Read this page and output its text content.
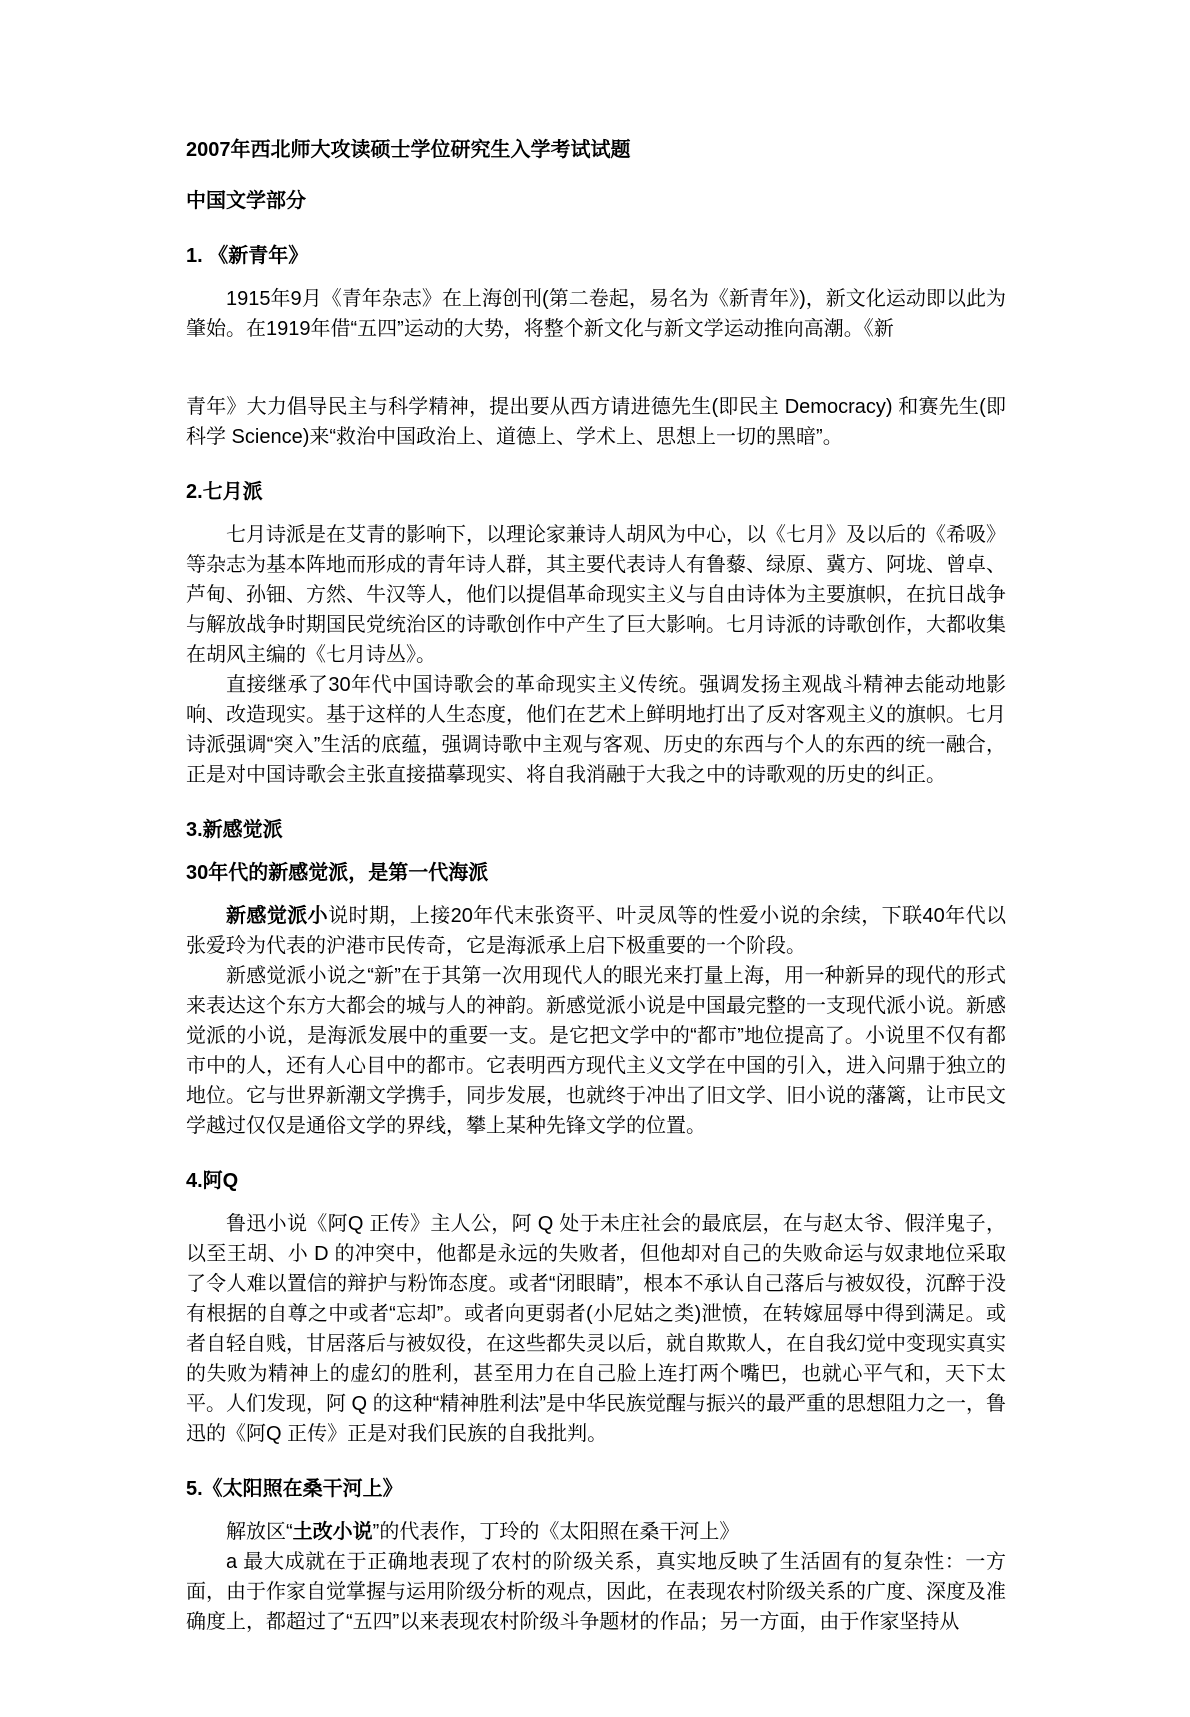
2007年西北师大攻读硕士学位研究生入学考试试题
中国文学部分
1. 《新青年》

1915年9月《青年杂志》在上海创刊(第二卷起，易名为《新青年》)，新文化运动即以此为肇始。在1919年借“五四”运动的大势，将整个新文化与新文学运动推向高潮。《新

青年》大力倡导民主与科学精神，提出要从西方请进德先生(即民主 Democracy) 和赛先生(即科学 Science)来“救治中国政治上、道德上、学术上、思想上一切的黑暗”。

2.七月派

七月诗派是在艾青的影响下，以理论家兼诗人胡风为中心，以《七月》及以后的《希吸》等杂志为基本阵地而形成的青年诗人群，其主要代表诗人有鲁藜、绿原、冀方、阿垅、曾卓、芦甸、孙钿、方然、牛汉等人，他们以提倡革命现实主义与自由诗体为主要旗帜，在抗日战争与解放战争时期国民党统治区的诗歌创作中产生了巨大影响。七月诗派的诗歌创作，大都收集在胡风主编的《七月诗丛》。

直接继承了30年代中国诗歌会的革命现实主义传统。强调发扬主观战斗精神去能动地影响、改造现实。基于这样的人生态度，他们在艺术上鲜明地打出了反对客观主义的旗帜。七月诗派强调“突入”生活的底蕴，强调诗歌中主观与客观、历史的东西与个人的东西的统一融合，正是对中国诗歌会主张直接描摹现实、将自我消融于大我之中的诗歌观的历史的纠正。

3.新感觉派
30年代的新感觉派，是第一代海派

新感觉派小说时期，上接20年代末张资平、叶灵凤等的性爱小说的余续，下联40年代以张爱玲为代表的沪港市民传奇，它是海派承上启下极重要的一个阶段。

新感觉派小说之“新”在于其第一次用现代人的眼光来打量上海，用一种新异的现代的形式来表达这个东方大都会的城与人的神韵。新感觉派小说是中国最完整的一支现代派小说。新感觉派的小说，是海派发展中的重要一支。是它把文学中的“都市”地位提高了。小说里不仅有都市中的人，还有人心目中的都市。它表明西方现代主义文学在中国的引入，进入问鼎于独立的地位。它与世界新潮文学携手，同步发展，也就终于冲出了旧文学、旧小说的藩篱，让市民文学越过仅仅是通俗文学的界线，攀上某种先锋文学的位置。

4.阿Q

鲁迅小说《阿Q 正传》主人公，阿 Q 处于未庄社会的最底层，在与赵太爷、假洋鬼子，以至王胡、小 D 的冲突中，他都是永远的失败者，但他却对自己的失败命运与奴隶地位采取了令人难以置信的辩护与粉饰态度。或者“闭眼睛”，根本不承认自己落后与被奴役，沉醉于没有根据的自尊之中或者“忘却”。或者向更弱者(小尼姑之类)泄愤，在转嫁屈辱中得到满足。或者自轻自贱，甘居落后与被奴役，在这些都失灵以后，就自欺欺人，在自我幻觉中变现实真实的失败为精神上的虚幻的胜利，甚至用力在自己脸上连打两个嘴巴，也就心平气和，天下太平。人们发现，阿 Q 的这种“精神胜利法”是中华民族觉醒与振兴的最严重的思想阻力之一，鲁迅的《阿Q 正传》正是对我们民族的自我批判。

5.《太阳照在桑干河上》

解放区“土改小说”的代表作，丁玲的《太阳照在桑干河上》

a 最大成就在于正确地表现了农村的阶级关系，真实地反映了生活固有的复杂性：一方面，由于作家自觉掌握与运用阶级分析的观点，因此，在表现农村阶级关系的广度、深度及准确度上，都超过了“五四”以来表现农村阶级斗争题材的作品；另一方面，由于作家坚持从
